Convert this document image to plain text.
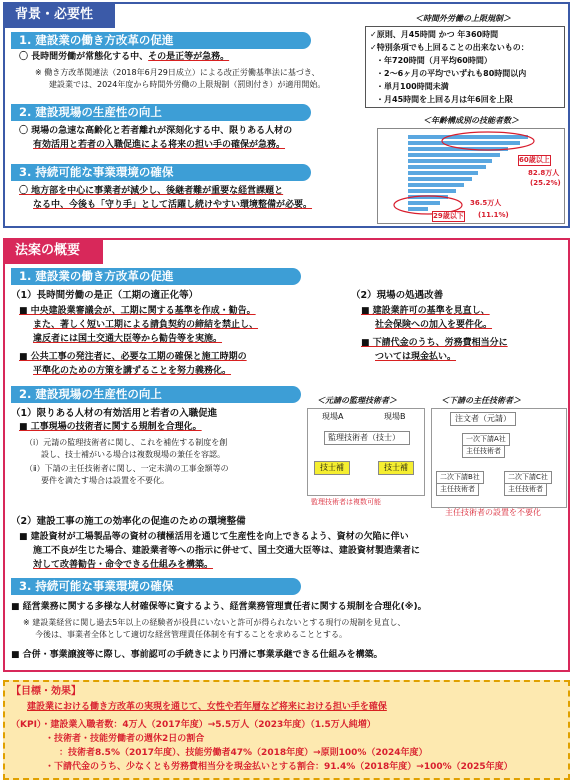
背景・必要性
1. 建設業の働き方改革の促進
〇 長時間労働が常態化する中、その是正等が急務。
※ 働き方改革関連法（2018年6月29日成立）による改正労働基準法に基づき、
建設業では、2024年度から時間外労働の上限規制（罰則付き）が適用開始。
2. 建設現場の生産性の向上
〇 現場の急速な高齢化と若者離れが深刻化する中、限りある人材の
有効活用と若者の入職促進による将来の担い手の確保が急務。
3. 持続可能な事業環境の確保
〇 地方部を中心に事業者が減少し、後継者難が重要な経営課題と
なる中、今後も「守り手」として活躍し続けやすい環境整備が必要。
＜時間外労働の上限規制＞
✓原則、月45時間 かつ 年360時間
✓特別条項でも上回ることの出来ないもの：
・年720時間（月平均60時間）
・2～6ヶ月の平均でいずれも80時間以内
・単月100時間未満
・月45時間を上回る月は年6回を上限
＜年齢構成別の技能者数＞
60歳以上
82.8万人
(25.2%)
36.5万人
29歳以下 (11.1%)
法案の概要
1. 建設業の働き方改革の促進
（1）長時間労働の是正（工期の適正化等）
■ 中央建設業審議会が、工期に関する基準を作成・勧告。
また、著しく短い工期による請負契約の締結を禁止し、
違反者には国土交通大臣等から勧告等を実施。
■ 公共工事の発注者に、必要な工期の確保と施工時期の
平準化のための方策を講ずることを努力義務化。
（2）現場の処遇改善
■ 建設業許可の基準を見直し、
社会保険への加入を要件化。
■ 下請代金のうち、労務費相当分に
ついては現金払い。
2. 建設現場の生産性の向上
（1）限りある人材の有効活用と若者の入職促進
■ 工事現場の技術者に関する規制を合理化。
（ⅰ）元請の監理技術者に関し、これを補佐する制度を創
設し、技士補がいる場合は複数現場の兼任を容認。
（ⅱ）下請の主任技術者に関し、一定未満の工事金額等の
要件を満たす場合は設置を不要化。
＜元請の監理技術者＞
現場A	現場B
監理技術者（技士）
技士補	技士補
監理技術者は複数可能
＜下請の主任技術者＞
注文者（元請）
一次下請A社
主任技術者
二次下請B社
主任技術者
二次下請C社
主任技術者
主任技術者の設置を不要化
（2）建設工事の施工の効率化の促進のための環境整備
■ 建設資材が工場製品等の資材の積極活用を通じて生産性を向上できるよう、資材の欠陥に伴い
施工不良が生じた場合、建設業者等への指示に併せて、国土交通大臣等は、建設資材製造業者に
対して改善勧告・命令できる仕組みを構築。
3. 持続可能な事業環境の確保
■ 経営業務に関する多様な人材確保等に資するよう、経営業務管理責任者に関する規制を合理化(※)。
※ 建設業経営に関し過去5年以上の経験者が役員にいないと許可が得られないとする現行の規制を見直し、
今後は、事業者全体として適切な経営管理責任体制を有することを求めることとする。
■ 合併・事業譲渡等に際し、事前認可の手続きにより円滑に事業承継できる仕組みを構築。
【目標・効果】
建設業における働き方改革の実現を通じて、女性や若年層など将来における担い手を確保
（KPI）・建設業入職者数：4万人（2017年度）→5.5万人（2023年度）（1.5万人純増）
・技術者・技能労働者の週休2日の割合
：技術者8.5%（2017年度）、技能労働者47%（2018年度）→原則100%（2024年度）
・下請代金のうち、少なくとも労務費相当分を現金払いとする割合：91.4%（2018年度）→100%（2025年度）
